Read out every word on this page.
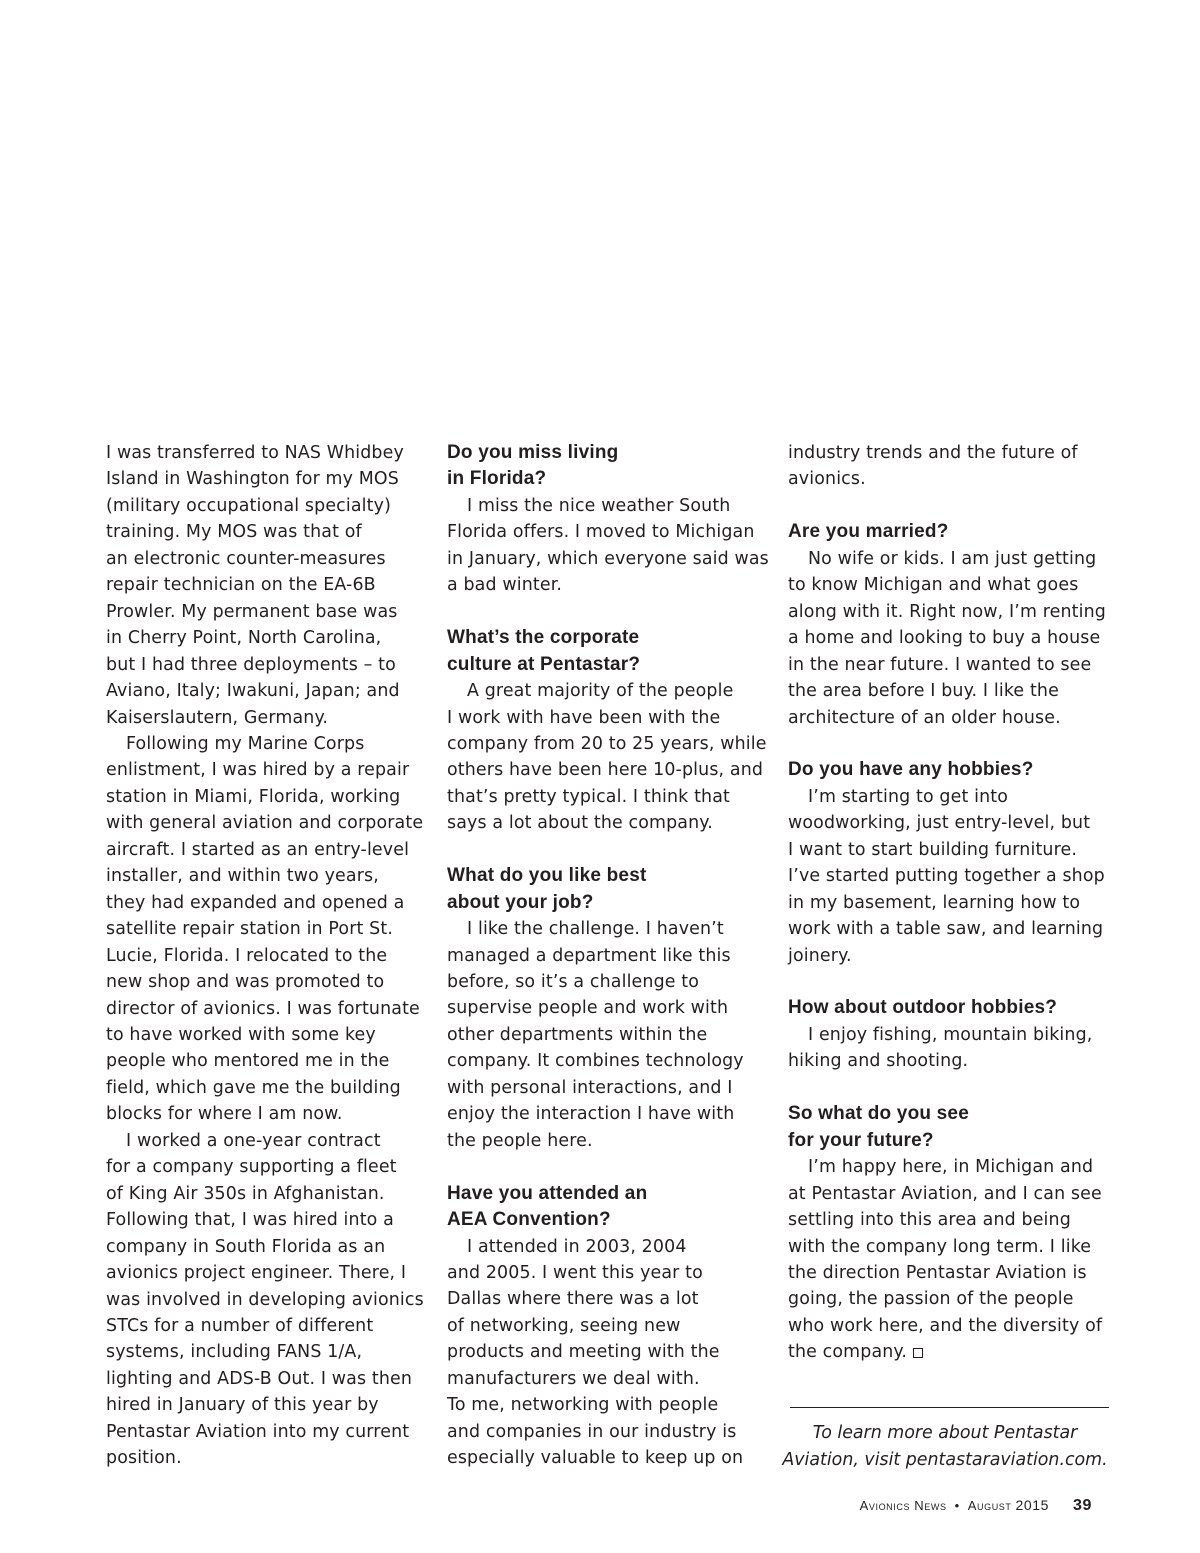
I was transferred to NAS Whidbey

Island in Washington for my MOS

(military occupational specialty)

training. My MOS was that of

an electronic counter-measures

repair technician on the EA-6B

Prowler. My permanent base was

in Cherry Point, North Carolina,

but I had three deployments – to

Aviano, Italy; Iwakuni, Japan; and

Kaiserslautern, Germany.

Following my Marine Corps

enlistment, I was hired by a repair

station in Miami, Florida, working

with general aviation and corporate

aircraft. I started as an entry-level

installer, and within two years,

they had expanded and opened a

satellite repair station in Port St.

Lucie, Florida. I relocated to the

new shop and was promoted to

director of avionics. I was fortunate

to have worked with some key

people who mentored me in the

field, which gave me the building

blocks for where I am now.

I worked a one-year contract

for a company supporting a fleet

of King Air 350s in Afghanistan.

Following that, I was hired into a

company in South Florida as an

avionics project engineer. There, I

was involved in developing avionics

STCs for a number of different

systems, including FANS 1/A,

lighting and ADS-B Out. I was then

hired in January of this year by

Pentastar Aviation into my current

position.

Do you miss living
in Florida?

I miss the nice weather South

Florida offers. I moved to Michigan

in January, which everyone said was

a bad winter.

What’s the corporate
culture at Pentastar?

A great majority of the people

I work with have been with the

company from 20 to 25 years, while

others have been here 10-plus, and

that’s pretty typical. I think that

says a lot about the company.

What do you like best
about your job?

I like the challenge. I haven’t

managed a department like this

before, so it’s a challenge to

supervise people and work with

other departments within the

company. It combines technology

with personal interactions, and I

enjoy the interaction I have with

the people here.

Have you attended an
AEA Convention?

I attended in 2003, 2004

and 2005. I went this year to

Dallas where there was a lot

of networking, seeing new

products and meeting with the

manufacturers we deal with.

To me, networking with people

and companies in our industry is

especially valuable to keep up on

industry trends and the future of

avionics.

Are you married?

No wife or kids. I am just getting

to know Michigan and what goes

along with it. Right now, I’m renting

a home and looking to buy a house

in the near future. I wanted to see

the area before I buy. I like the

architecture of an older house.

Do you have any hobbies?

I’m starting to get into

woodworking, just entry-level, but

I want to start building furniture.

I’ve started putting together a shop

in my basement, learning how to

work with a table saw, and learning

joinery.

How about outdoor hobbies?

I enjoy fishing, mountain biking,

hiking and shooting.

So what do you see
for your future?

I’m happy here, in Michigan and

at Pentastar Aviation, and I can see

settling into this area and being

with the company long term. I like

the direction Pentastar Aviation is

going, the passion of the people

who work here, and the diversity of

the company.

To learn more about Pentastar
Aviation, visit pentastaraviation.com.
Avionics News • August 2015 39
